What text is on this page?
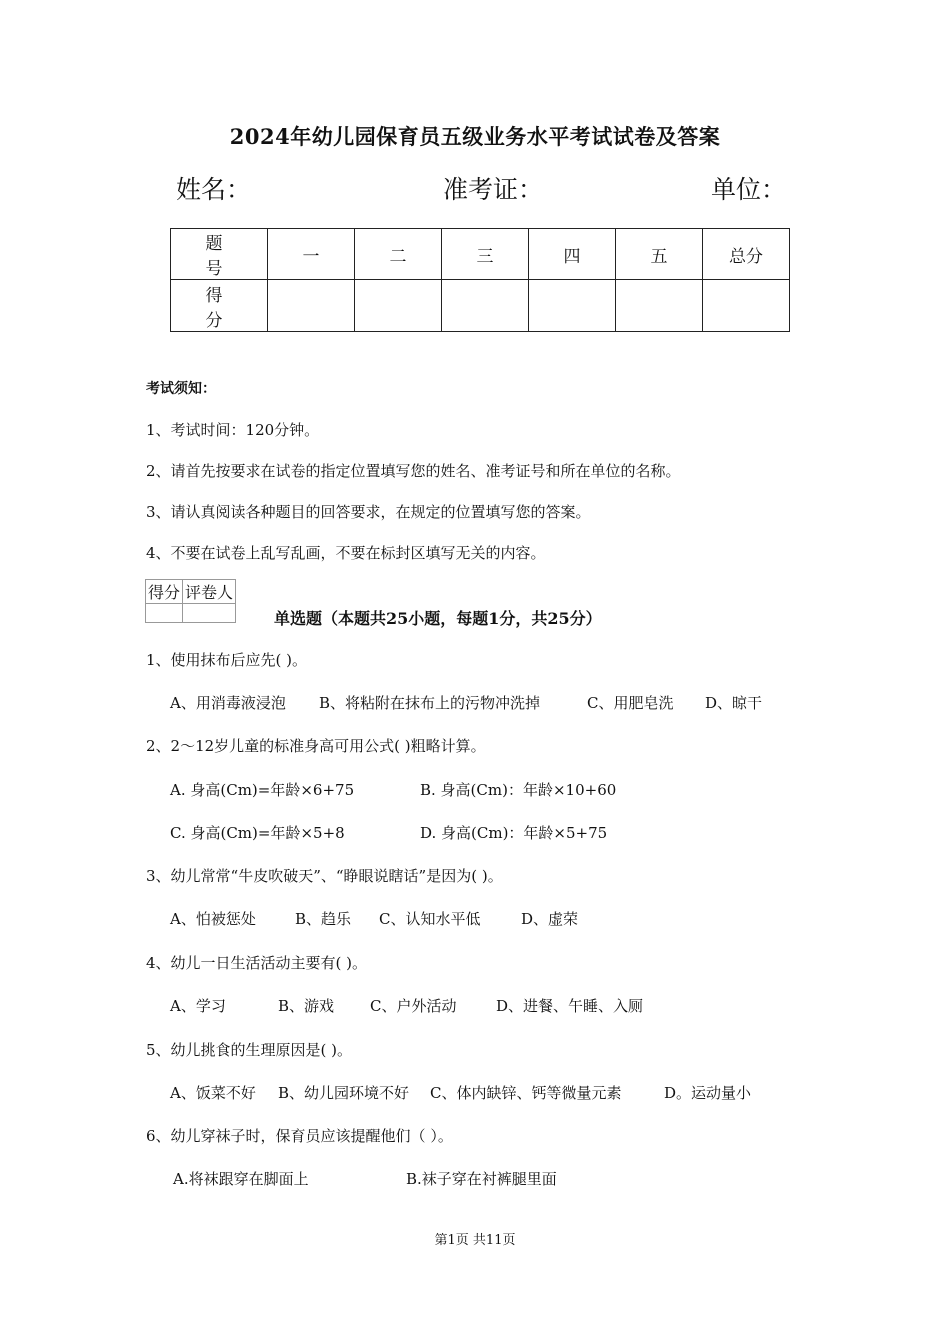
2024年幼儿园保育员五级业务水平考试试卷及答案
姓名：	准考证：	单位：
题 号	一	二	三	四	五	总分
得 分						
考试须知：
1、考试时间：120分钟。
2、请首先按要求在试卷的指定位置填写您的姓名、准考证号和所在单位的名称。
3、请认真阅读各种题目的回答要求，在规定的位置填写您的答案。
4、不要在试卷上乱写乱画，不要在标封区填写无关的内容。
得分	评卷人

单选题（本题共25小题，每题1分，共25分）
1、使用抹布后应先( )。
A、用消毒液浸泡 B、将粘附在抹布上的污物冲洗掉	C、用肥皂洗 D、晾干
2、2～12岁儿童的标准身高可用公式( )粗略计算。
A. 身高(Cm)=年龄×6+75	B. 身高(Cm)：年龄×10+60
C. 身高(Cm)=年龄×5+8	D. 身高(Cm)：年龄×5+75
3、幼儿常常“牛皮吹破天”、“睁眼说瞎话”是因为( )。
A、怕被惩处	B、趋乐 C、认知水平低	D、虚荣
4、幼儿一日生活活动主要有( )。
A、学习	B、游戏 C、户外活动	D、进餐、午睡、入厕
5、幼儿挑食的生理原因是( )。
A、饭菜不好 B、幼儿园环境不好 C、体内缺锌、钙等微量元素	D。运动量小
6、幼儿穿袜子时，保育员应该提醒他们（ ）。
A.将袜跟穿在脚面上	B.袜子穿在衬裤腿里面
第1页 共11页
